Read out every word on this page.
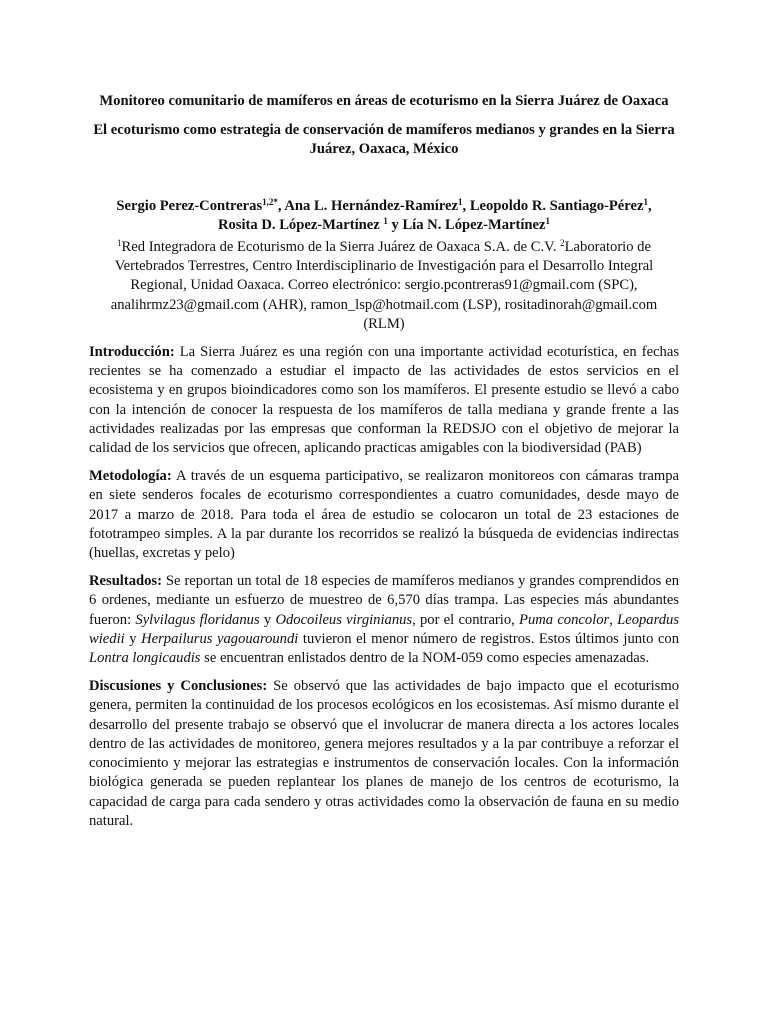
Monitoreo comunitario de mamíferos en áreas de ecoturismo en la Sierra Juárez de Oaxaca

El ecoturismo como estrategia de conservación de mamíferos medianos y grandes en la Sierra Juárez, Oaxaca, México

Sergio Perez-Contreras$^{1,2*}$, Ana L. Hernández-Ramírez$^1$, Leopoldo R. Santiago-Pérez$^1$,
Rosita D. López-Martínez $^1$ y Lía N. López-Martínez$^1$

$^1$Red Integradora de Ecoturismo de la Sierra Juárez de Oaxaca S.A. de C.V. $^2$Laboratorio de Vertebrados Terrestres, Centro Interdisciplinario de Investigación para el Desarrollo Integral Regional, Unidad Oaxaca. Correo electrónico: sergio.pcontreras91@gmail.com (SPC), analihrmz23@gmail.com (AHR), ramon_lsp@hotmail.com (LSP), rositadinorah@gmail.com (RLM)

Introducción: La Sierra Juárez es una región con una importante actividad ecoturística, en fechas recientes se ha comenzado a estudiar el impacto de las actividades de estos servicios en el ecosistema y en grupos bioindicadores como son los mamíferos. El presente estudio se llevó a cabo con la intención de conocer la respuesta de los mamíferos de talla mediana y grande frente a las actividades realizadas por las empresas que conforman la REDSJO con el objetivo de mejorar la calidad de los servicios que ofrecen, aplicando practicas amigables con la biodiversidad (PAB)

Metodología: A través de un esquema participativo, se realizaron monitoreos con cámaras trampa en siete senderos focales de ecoturismo correspondientes a cuatro comunidades, desde mayo de 2017 a marzo de 2018. Para toda el área de estudio se colocaron un total de 23 estaciones de fototrampeo simples. A la par durante los recorridos se realizó la búsqueda de evidencias indirectas (huellas, excretas y pelo)

Resultados: Se reportan un total de 18 especies de mamíferos medianos y grandes comprendidos en 6 ordenes, mediante un esfuerzo de muestreo de 6,570 días trampa. Las especies más abundantes fueron: Sylvilagus floridanus y Odocoileus virginianus, por el contrario, Puma concolor, Leopardus wiedii y Herpailurus yagouaroundi tuvieron el menor número de registros. Estos últimos junto con Lontra longicaudis se encuentran enlistados dentro de la NOM-059 como especies amenazadas.

Discusiones y Conclusiones: Se observó que las actividades de bajo impacto que el ecoturismo genera, permiten la continuidad de los procesos ecológicos en los ecosistemas. Así mismo durante el desarrollo del presente trabajo se observó que el involucrar de manera directa a los actores locales dentro de las actividades de monitoreo, genera mejores resultados y a la par contribuye a reforzar el conocimiento y mejorar las estrategias e instrumentos de conservación locales. Con la información biológica generada se pueden replantear los planes de manejo de los centros de ecoturismo, la capacidad de carga para cada sendero y otras actividades como la observación de fauna en su medio natural.
